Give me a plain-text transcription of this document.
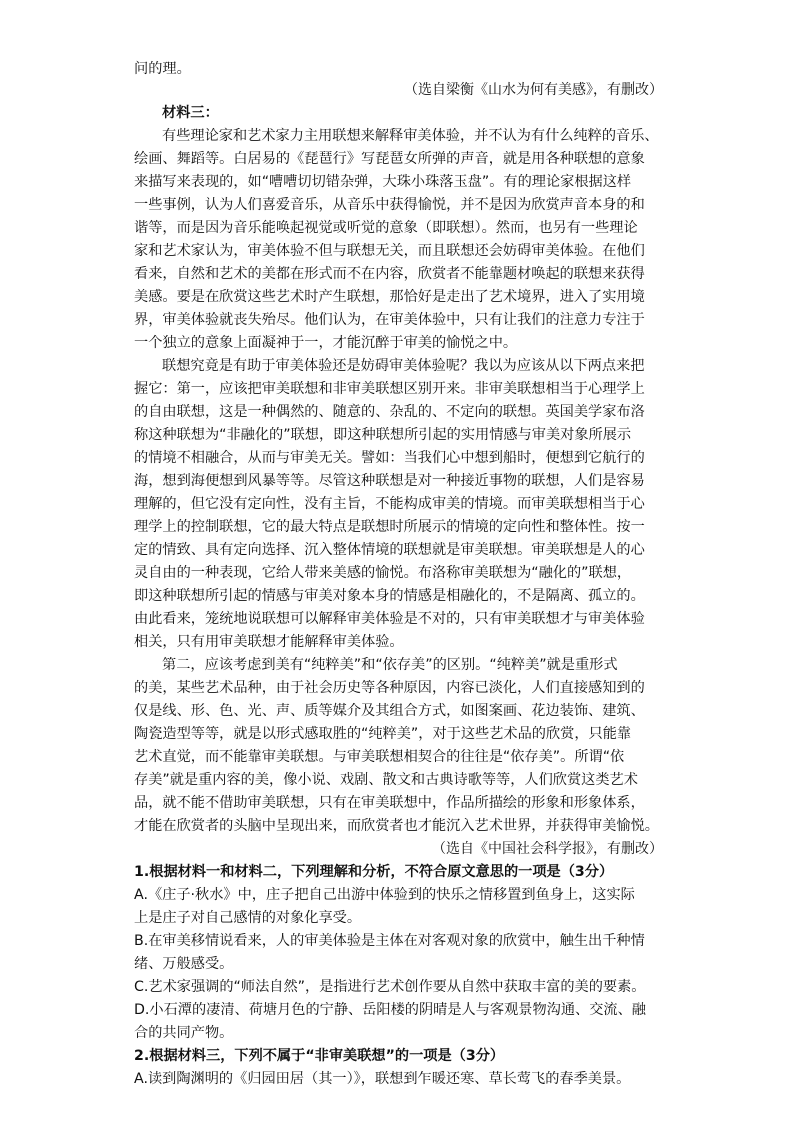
问的理。
（选自梁衡《山水为何有美感》，有删改）
材料三：
有些理论家和艺术家力主用联想来解释审美体验，并不认为有什么纯粹的音乐、
绘画、舞蹈等。白居易的《琵琶行》写琵琶女所弹的声音，就是用各种联想的意象
来描写来表现的，如“嘈嘈切切错杂弹，大珠小珠落玉盘”。有的理论家根据这样
一些事例，认为人们喜爱音乐，从音乐中获得愉悦，并不是因为欣赏声音本身的和
谐等，而是因为音乐能唤起视觉或听觉的意象（即联想）。然而，也另有一些理论
家和艺术家认为，审美体验不但与联想无关，而且联想还会妨碍审美体验。在他们
看来，自然和艺术的美都在形式而不在内容，欣赏者不能靠题材唤起的联想来获得
美感。要是在欣赏这些艺术时产生联想，那恰好是走出了艺术境界，进入了实用境
界，审美体验就丧失殆尽。他们认为，在审美体验中，只有让我们的注意力专注于
一个独立的意象上面凝神于一，才能沉醉于审美的愉悦之中。
联想究竟是有助于审美体验还是妨碍审美体验呢？我以为应该从以下两点来把
握它：第一，应该把审美联想和非审美联想区别开来。非审美联想相当于心理学上
的自由联想，这是一种偶然的、随意的、杂乱的、不定向的联想。英国美学家布洛
称这种联想为“非融化的”联想，即这种联想所引起的实用情感与审美对象所展示
的情境不相融合，从而与审美无关。譬如：当我们心中想到船时，便想到它航行的
海，想到海便想到风暴等等。尽管这种联想是对一种接近事物的联想，人们是容易
理解的，但它没有定向性，没有主旨，不能构成审美的情境。而审美联想相当于心
理学上的控制联想，它的最大特点是联想时所展示的情境的定向性和整体性。按一
定的情致、具有定向选择、沉入整体情境的联想就是审美联想。审美联想是人的心
灵自由的一种表现，它给人带来美感的愉悦。布洛称审美联想为“融化的”联想，
即这种联想所引起的情感与审美对象本身的情感是相融化的，不是隔离、孤立的。
由此看来，笼统地说联想可以解释审美体验是不对的，只有审美联想才与审美体验
相关，只有用审美联想才能解释审美体验。
第二，应该考虑到美有“纯粹美”和“依存美”的区别。“纯粹美”就是重形式
的美，某些艺术品种，由于社会历史等各种原因，内容已淡化，人们直接感知到的
仅是线、形、色、光、声、质等媒介及其组合方式，如图案画、花边装饰、建筑、
陶瓷造型等等，就是以形式感取胜的“纯粹美”，对于这些艺术品的欣赏，只能靠
艺术直觉，而不能靠审美联想。与审美联想相契合的往往是“依存美”。所谓“依
存美”就是重内容的美，像小说、戏剧、散文和古典诗歌等等，人们欣赏这类艺术
品，就不能不借助审美联想，只有在审美联想中，作品所描绘的形象和形象体系，
才能在欣赏者的头脑中呈现出来，而欣赏者也才能沉入艺术世界，并获得审美愉悦。
（选自《中国社会科学报》，有删改）
1.根据材料一和材料二，下列理解和分析，不符合原文意思的一项是（3分）
A.《庄子·秋水》中，庄子把自己出游中体验到的快乐之情移置到鱼身上，这实际
上是庄子对自己感情的对象化享受。
B.在审美移情说看来，人的审美体验是主体在对客观对象的欣赏中，触生出千种情
绪、万般感受。
C.艺术家强调的“师法自然”，是指进行艺术创作要从自然中获取丰富的美的要素。
D.小石潭的凄清、荷塘月色的宁静、岳阳楼的阴晴是人与客观景物沟通、交流、融
合的共同产物。
2.根据材料三，下列不属于“非审美联想”的一项是（3分）
A.读到陶渊明的《归园田居（其一）》，联想到乍暖还寒、草长莺飞的春季美景。
